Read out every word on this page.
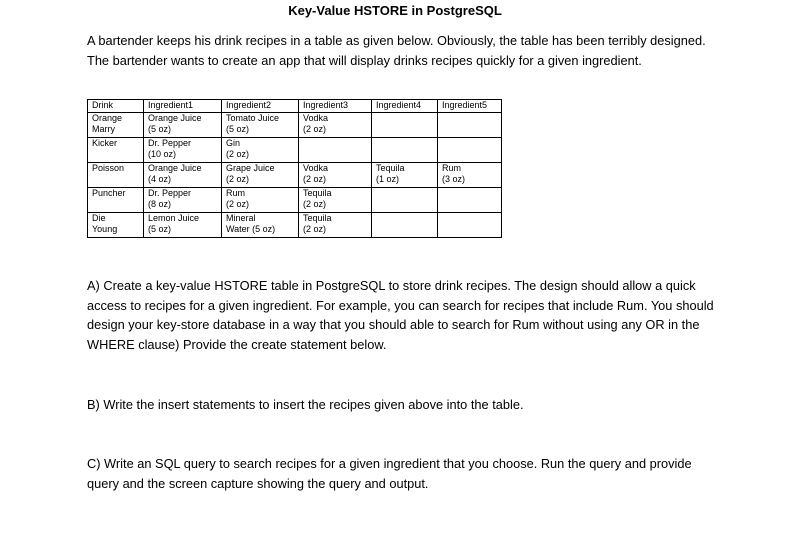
Key-Value HSTORE in PostgreSQL

A bartender keeps his drink recipes in a table as given below. Obviously, the table has been terribly designed. The bartender wants to create an app that will display drinks recipes quickly for a given ingredient.

Drink	Ingredient1	Ingredient2	Ingredient3	Ingredient4	Ingredient5

Orange
Marry	Orange Juice
(5 oz)	Tomato Juice
(5 oz)	Vodka
(2 oz)		

Kicker	Dr. Pepper
(10 oz)	Gin
(2 oz)			

Poisson	Orange Juice
(4 oz)	Grape Juice
(2 oz)	Vodka
(2 oz)	Tequila
(1 oz)	Rum
(3 oz)

Puncher	Dr. Pepper
(8 oz)	Rum
(2 oz)	Tequila
(2 oz)		

Die
Young	Lemon Juice
(5 oz)	Mineral
Water (5 oz)	Tequila
(2 oz)		

A) Create a key-value HSTORE table in PostgreSQL to store drink recipes. The design should allow a quick access to recipes for a given ingredient. For example, you can search for recipes that include Rum. You should design your key-store database in a way that you should able to search for Rum without using any OR in the WHERE clause) Provide the create statement below.

B) Write the insert statements to insert the recipes given above into the table.

C) Write an SQL query to search recipes for a given ingredient that you choose. Run the query and provide query and the screen capture showing the query and output.
